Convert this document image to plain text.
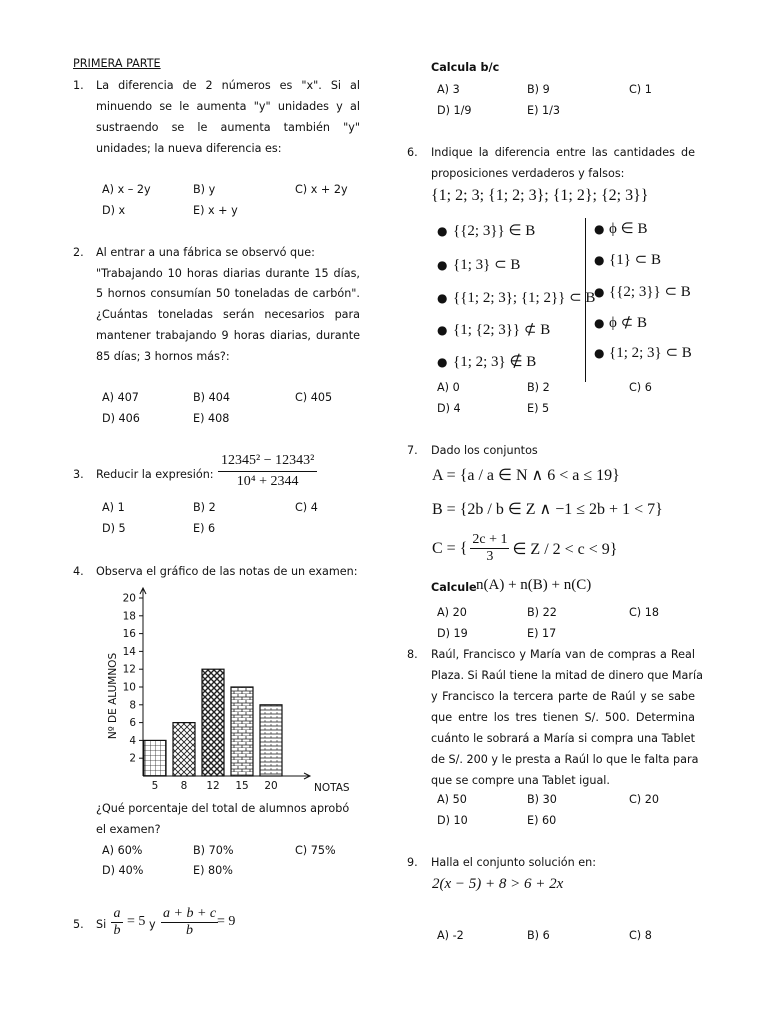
PRIMERA PARTE
1. La diferencia de 2 números es "x". Si al
minuendo se le aumenta "y" unidades y al
sustraendo se le aumenta también "y"
unidades; la nueva diferencia es:
A) x – 2y	B) y	C) x + 2y
D) x	E) x + y
2. Al entrar a una fábrica se observó que:
"Trabajando 10 horas diarias durante 15 días,
5 hornos consumían 50 toneladas de carbón".
¿Cuántas toneladas serán necesarios para
mantener trabajando 9 horas diarias, durante
85 días; 3 hornos más?:
A) 407	B) 404	C) 405
D) 406	E) 408
3. Reducir la expresión: $\frac{\text{12345² − 12343²}}{\text{10⁴ + 2344}}$
A) 1	B) 2	C) 4
D) 5	E) 6
4. Observa el gráfico de las notas de un examen:
2
4
6
8
10
12
14
16
18
20
Nº DE ALUMNOS
5 8 12 15 20	NOTAS
¿Qué porcentaje del total de alumnos aprobó
el examen?
A) 60%	B) 70%	C) 75%
D) 40%	E) 80%
5. Si $\frac{a}{b} = 5$ y $\frac{a + b + c}{b}$
= 9
Calcula b/c
A) 3	B) 9	C) 1
D) 1/9	E) 1/3
6. Indique la diferencia entre las cantidades de
proposiciones verdaderos y falsos:
{1; 2; 3; {1; 2; 3}; {1; 2}; {2; 3}}
● {{2; 3}} ∈ B
● {1; 3} ⊂ B
● {{1; 2; 3}; {1; 2}} ⊂ B
● {1; {2; 3}} ⊄ B
● {1; 2; 3} ∉ B
● ϕ ∈ B
● {1} ⊂ B
● {{2; 3}} ⊂ B
● ϕ ⊄ B
● {1; 2; 3} ⊂ B
A) 0	B) 2	C) 6
D) 4	E) 5
7. Dado los conjuntos
A = {a / a ∈ N ∧ 6 < a ≤ 19}
B = {2b / b ∈ Z ∧ −1 ≤ 2b + 1 < 7}
C = { $\frac{2c + 1}{3}$ ∈ Z / 2 < c < 9}
Calcule n(A) + n(B) + n(C)
A) 20	B) 22	C) 18
D) 19	E) 17
8. Raúl, Francisco y María van de compras a Real
Plaza. Si Raúl tiene la mitad de dinero que María
y Francisco la tercera parte de Raúl y se sabe
que entre los tres tienen S/. 500. Determina
cuánto le sobrará a María si compra una Tablet
de S/. 200 y le presta a Raúl lo que le falta para
que se compre una Tablet igual.
A) 50	B) 30	C) 20
D) 10	E) 60
9. Halla el conjunto solución en:
2(x − 5) + 8 > 6 + 2x
A) -2	B) 6	C) 8
